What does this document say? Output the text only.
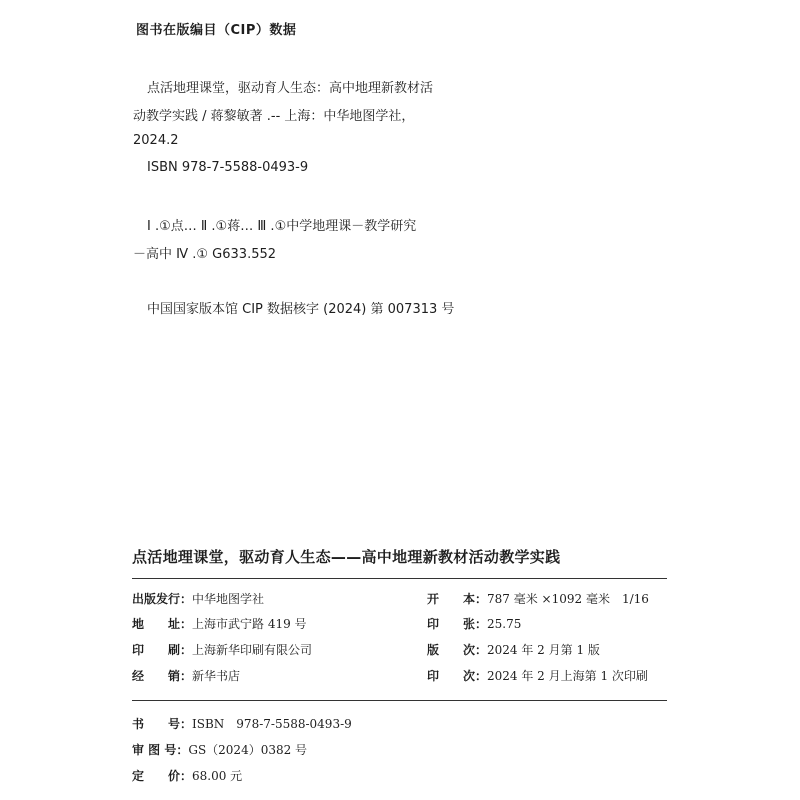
图书在版编目（CIP）数据
点活地理课堂，驱动育人生态：高中地理新教材活
动教学实践 / 蒋黎敏著 .-- 上海：中华地图学社，
2024.2
ISBN 978-7-5588-0493-9
Ⅰ .①点… Ⅱ .①蒋… Ⅲ .①中学地理课－教学研究
－高中 Ⅳ .① G633.552
中国国家版本馆 CIP 数据核字 (2024) 第 007313 号
点活地理课堂，驱动育人生态——高中地理新教材活动教学实践
出版发行：中华地图学社
地　　址：上海市武宁路 419 号
印　　刷：上海新华印刷有限公司
经　　销：新华书店
开　　本：787 毫米 ×1092 毫米　1/16
印　　张：25.75
版　　次：2024 年 2 月第 1 版
印　　次：2024 年 2 月上海第 1 次印刷
书　　号：ISBN　978-7-5588-0493-9
审 图 号：GS（2024）0382 号
定　　价：68.00 元
